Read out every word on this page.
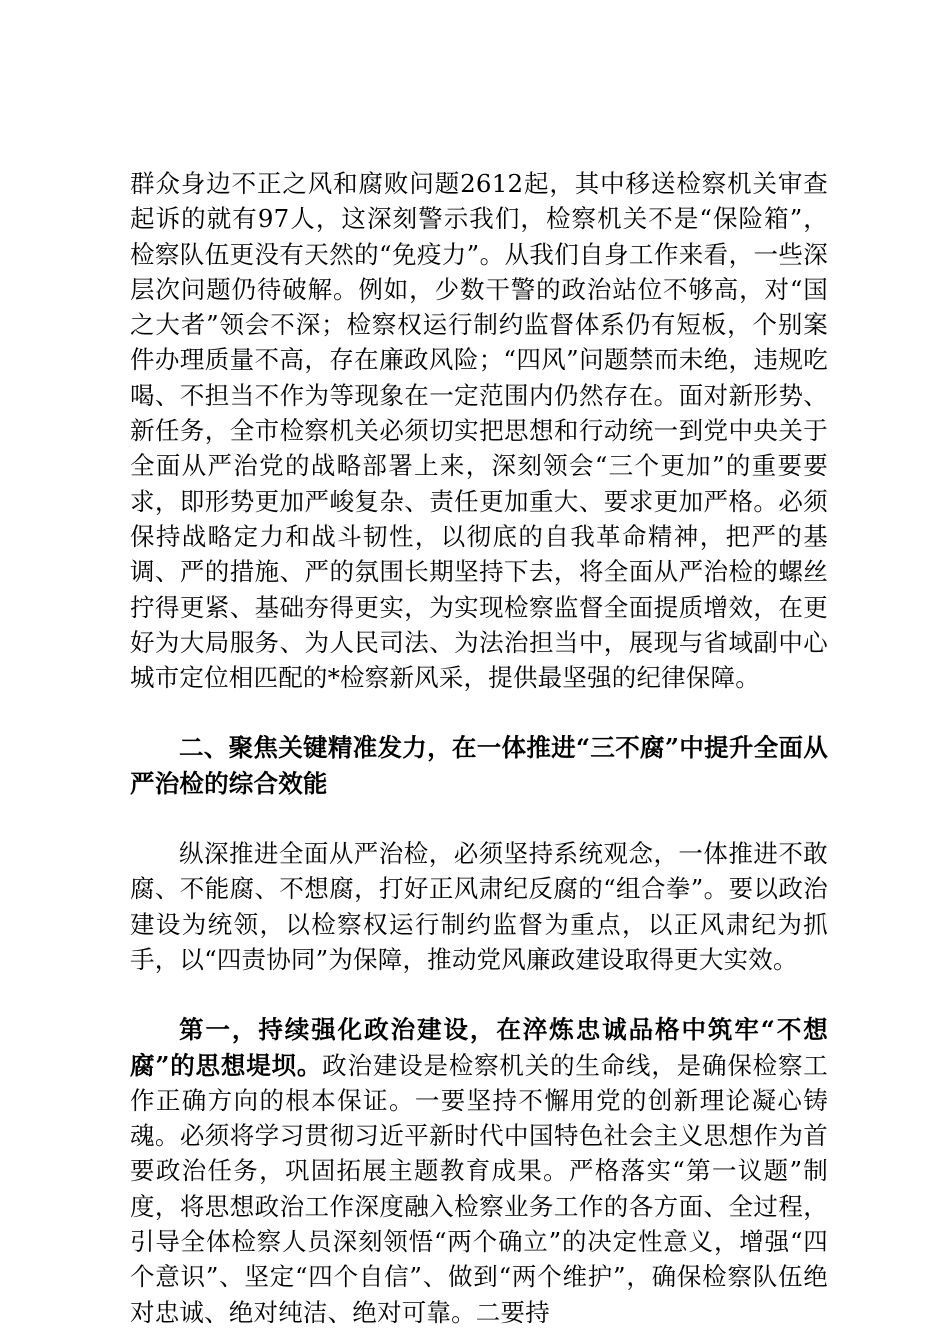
群众身边不正之风和腐败问题2612起，其中移送检察机关审查起诉的就有97人，这深刻警示我们，检察机关不是“保险箱”，检察队伍更没有天然的“免疫力”。从我们自身工作来看，一些深层次问题仍待破解。例如，少数干警的政治站位不够高，对“国之大者”领会不深；检察权运行制约监督体系仍有短板，个别案件办理质量不高，存在廉政风险；“四风”问题禁而未绝，违规吃喝、不担当不作为等现象在一定范围内仍然存在。面对新形势、新任务，全市检察机关必须切实把思想和行动统一到党中央关于全面从严治党的战略部署上来，深刻领会“三个更加”的重要要求，即形势更加严峻复杂、责任更加重大、要求更加严格。必须保持战略定力和战斗韧性，以彻底的自我革命精神，把严的基调、严的措施、严的氛围长期坚持下去，将全面从严治检的螺丝拧得更紧、基础夯得更实，为实现检察监督全面提质增效，在更好为大局服务、为人民司法、为法治担当中，展现与省域副中心城市定位相匹配的*检察新风采，提供最坚强的纪律保障。

二、聚焦关键精准发力，在一体推进“三不腐”中提升全面从严治检的综合效能

纵深推进全面从严治检，必须坚持系统观念，一体推进不敢腐、不能腐、不想腐，打好正风肃纪反腐的“组合拳”。要以政治建设为统领，以检察权运行制约监督为重点，以正风肃纪为抓手，以“四责协同”为保障，推动党风廉政建设取得更大实效。

第一，持续强化政治建设，在淬炼忠诚品格中筑牢“不想腐”的思想堤坝。政治建设是检察机关的生命线，是确保检察工作正确方向的根本保证。一要坚持不懈用党的创新理论凝心铸魂。必须将学习贯彻习近平新时代中国特色社会主义思想作为首要政治任务，巩固拓展主题教育成果。严格落实“第一议题”制度，将思想政治工作深度融入检察业务工作的各方面、全过程，引导全体检察人员深刻领悟“两个确立”的决定性意义，增强“四个意识”、坚定“四个自信”、做到“两个维护”，确保检察队伍绝对忠诚、绝对纯洁、绝对可靠。二要持
